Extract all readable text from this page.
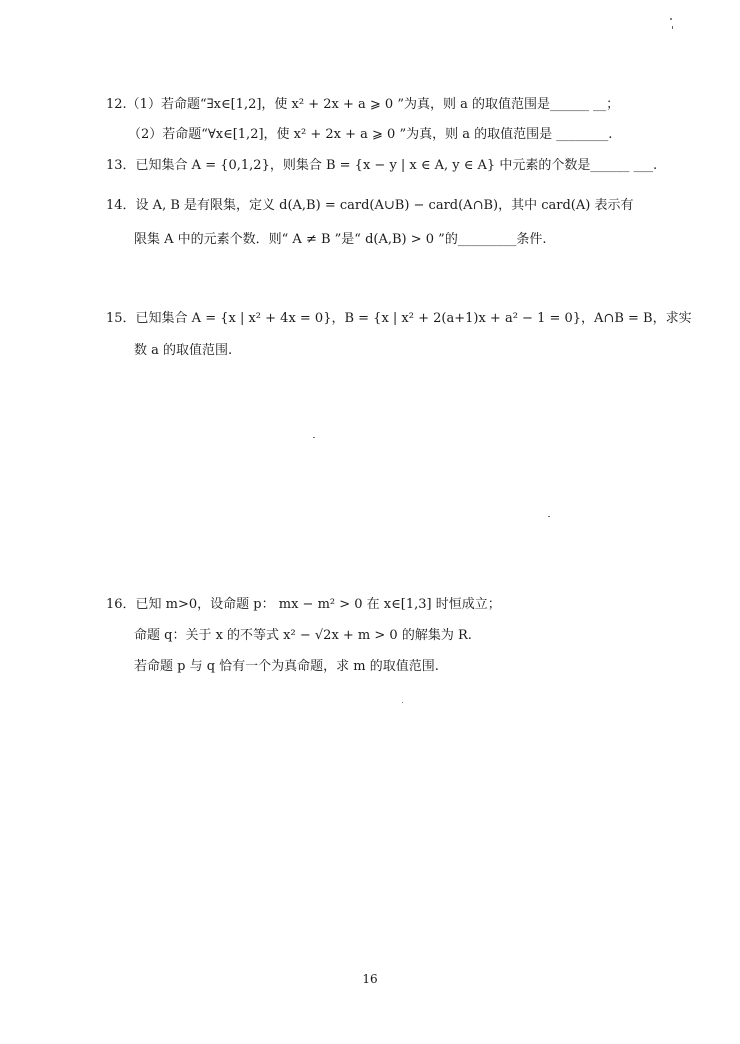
12.（1）若命题“∃x∈[1,2]，使 x² + 2x + a ⩾ 0 ”为真，则 a 的取值范围是______ __；
（2）若命题“∀x∈[1,2]，使 x² + 2x + a ⩾ 0 ”为真，则 a 的取值范围是 ________.
13．已知集合 A = {0,1,2}，则集合 B = {x − y | x ∈ A, y ∈ A} 中元素的个数是______ ___.
14．设 A, B 是有限集，定义 d(A,B) = card(A∪B) − card(A∩B)，其中 card(A) 表示有
限集 A 中的元素个数．则“ A ≠ B ”是“ d(A,B) > 0 ”的_________条件.
15．已知集合 A = {x | x² + 4x = 0}，B = {x | x² + 2(a+1)x + a² − 1 = 0}，A∩B = B，求实
数 a 的取值范围.
16．已知 m>0，设命题 p： mx − m² > 0 在 x∈[1,3] 时恒成立；
命题 q：关于 x 的不等式 x² − √2x + m > 0 的解集为 R.
若命题 p 与 q 恰有一个为真命题，求 m 的取值范围.
16
